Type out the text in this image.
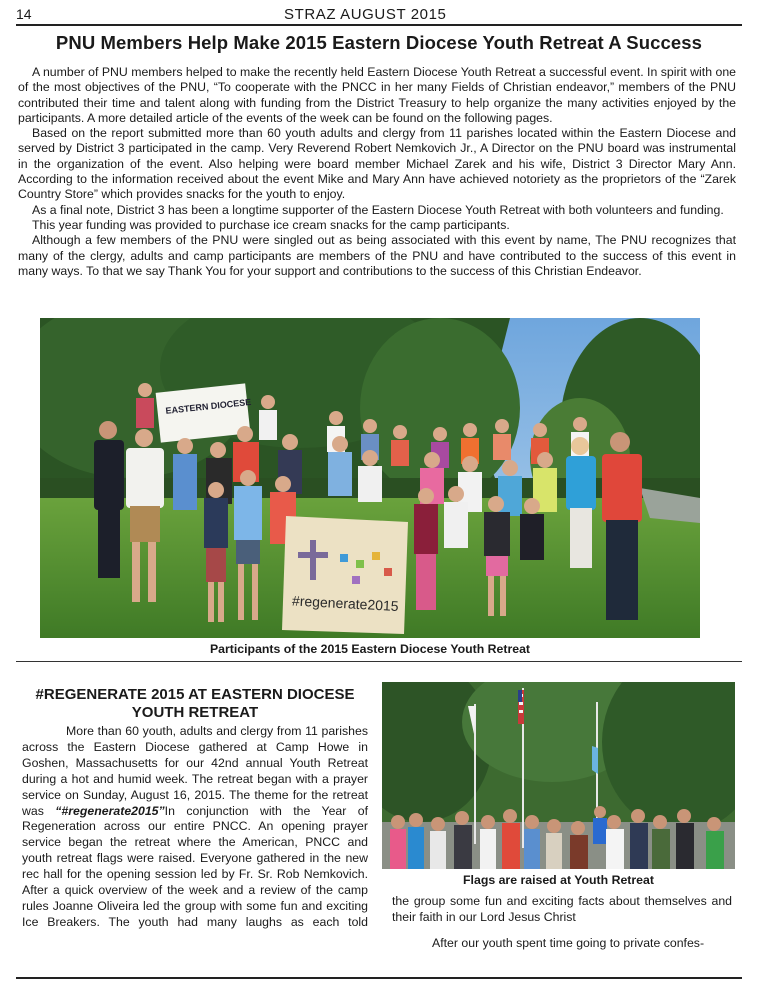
14	STRAZ AUGUST 2015
PNU Members Help Make 2015 Eastern Diocese Youth Retreat A Success

A number of PNU members helped to make the recently held Eastern Diocese Youth Retreat a successful event. In spirit with one of the most objectives of the PNU, “To cooperate with the PNCC in her many Fields of Christian endeavor,” members of the PNU contributed their time and talent along with funding from the District Treasury to help organize the many activities enjoyed by the participants. A more detailed article of the events of the week can be found on the following pages.

Based on the report submitted more than 60 youth adults and clergy from 11 parishes located within the Eastern Diocese and served by District 3 participated in the camp. Very Reverend Robert Nemkovich Jr., A Director on the PNU board was instrumental in the organization of the event. Also helping were board member Michael Zarek and his wife, District 3 Director Mary Ann. According to the information received about the event Mike and Mary Ann have achieved notoriety as the proprietors of the “Zarek Country Store” which provides snacks for the youth to enjoy.

As a final note, District 3 has been a longtime supporter of the Eastern Diocese Youth Retreat with both volunteers and funding.

This year funding was provided to purchase ice cream snacks for the camp participants.

Although a few members of the PNU were singled out as being associated with this event by name, The PNU recognizes that many of the clergy, adults and camp participants are members of the PNU and have contributed to the success of this event in many ways. To that we say Thank You for your support and contributions to the success of this Christian Endeavor.

EASTERN DIOCESE
#regenerate2015
Participants of the 2015 Eastern Diocese Youth Retreat
#REGENERATE 2015 AT EASTERN DIOCESE YOUTH RETREAT

More than 60 youth, adults and clergy from 11 parishes across the Eastern Diocese gathered at Camp Howe in Goshen, Massachusetts for our 42nd annual Youth Retreat during a hot and humid week. The retreat began with a prayer service on Sunday, August 16, 2015. The theme for the retreat was “#regenerate2015”In conjunction with the Year of Regeneration across our entire PNCC. An opening prayer service began the retreat where the American, PNCC and youth retreat flags were raised. Everyone gathered in the new rec hall for the opening session led by Fr. Sr. Rob Nemkovich. After a quick overview of the week and a review of the camp rules Joanne Oliveira led the group with some fun and exciting Ice Breakers. The youth had many laughs as each told

Flags are raised at Youth Retreat

the group some fun and exciting facts about themselves and their faith in our Lord Jesus Christ

After our youth spent time going to private confes-
